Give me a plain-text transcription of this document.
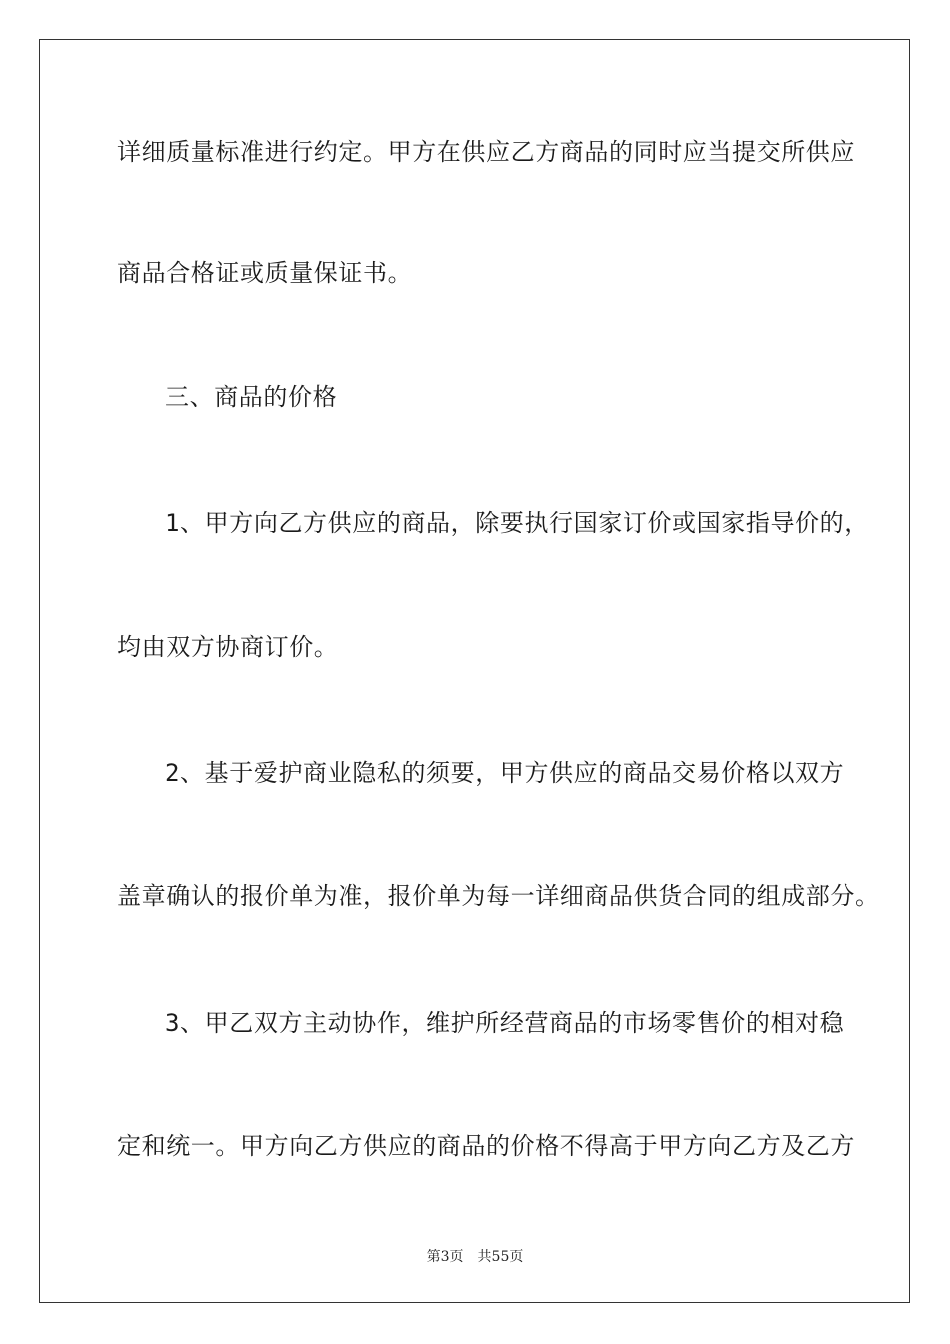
详细质量标准进行约定。甲方在供应乙方商品的同时应当提交所供应
商品合格证或质量保证书。
三、商品的价格
1、甲方向乙方供应的商品，除要执行国家订价或国家指导价的，
均由双方协商订价。
2、基于爱护商业隐私的须要，甲方供应的商品交易价格以双方
盖章确认的报价单为准，报价单为每一详细商品供货合同的组成部分。
3、甲乙双方主动协作，维护所经营商品的市场零售价的相对稳
定和统一。甲方向乙方供应的商品的价格不得高于甲方向乙方及乙方
第3页 共55页
